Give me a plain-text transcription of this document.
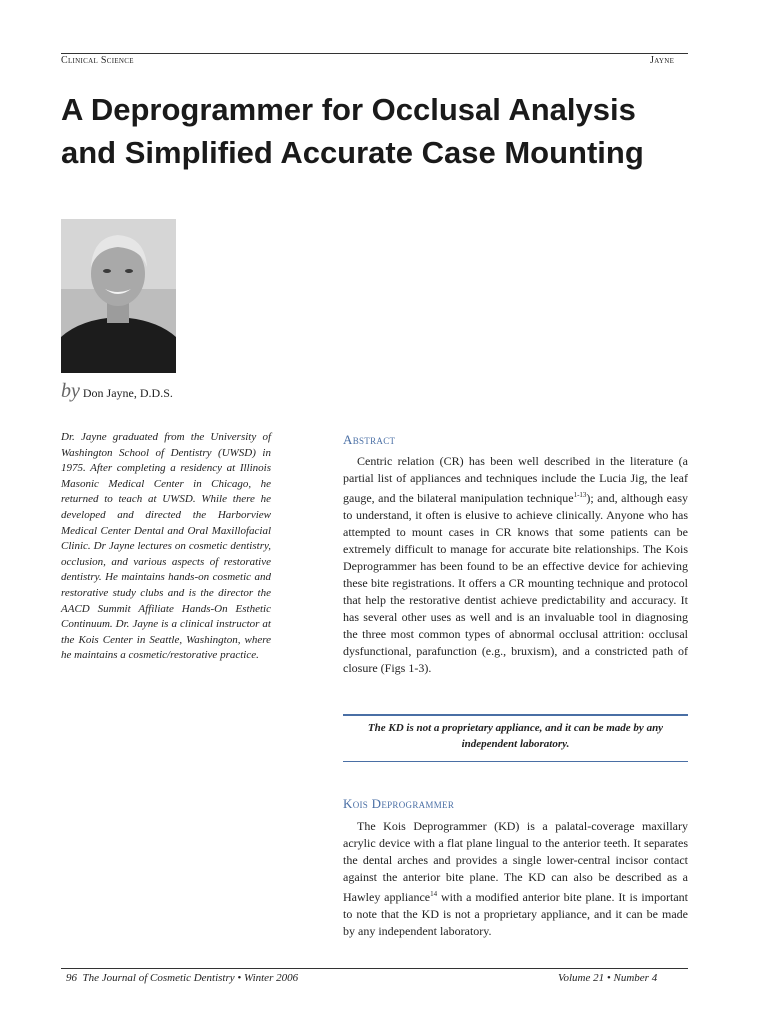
Clinical Science	Jayne
A Deprogrammer for Occlusal Analysis
and Simplified Accurate Case Mounting
by Don Jayne, D.D.S.
Dr. Jayne graduated from the University of Washington School of Dentistry (UWSD) in 1975. After completing a residency at Illinois Masonic Medical Center in Chicago, he returned to teach at UWSD. While there he developed and directed the Harborview Medical Center Dental and Oral Maxillofacial Clinic. Dr Jayne lectures on cosmetic dentistry, occlusion, and various aspects of restorative dentistry. He maintains hands-on cosmetic and restorative study clubs and is the director the AACD Summit Affiliate Hands-On Esthetic Continuum. Dr. Jayne is a clinical instructor at the Kois Center in Seattle, Washington, where he maintains a cosmetic/restorative practice.
Abstract

Centric relation (CR) has been well described in the literature (a partial list of appliances and techniques include the Lucia Jig, the leaf gauge, and the bilateral manipulation technique$^{1-13}$); and, although easy to understand, it often is elusive to achieve clinically. Anyone who has attempted to mount cases in CR knows that some patients can be extremely difficult to manage for accurate bite relationships. The Kois Deprogrammer has been found to be an effective device for achieving these bite registrations. It offers a CR mounting technique and protocol that help the restorative dentist achieve predictability and accuracy. It has several other uses as well and is an invaluable tool in diagnosing the three most common types of abnormal occlusal attrition: occlusal dysfunctional, parafunction (e.g., bruxism), and a constricted path of closure (Figs 1-3).

The KD is not a proprietary appliance, and it can be made by any independent laboratory.
Kois Deprogrammer

The Kois Deprogrammer (KD) is a palatal-coverage maxillary acrylic device with a flat plane lingual to the anterior teeth. It separates the dental arches and provides a single lower-central incisor contact against the anterior bite plane. The KD can also be described as a Hawley appliance$^{14}$ with a modified anterior bite plane. It is important to note that the KD is not a proprietary appliance, and it can be made by any independent laboratory.

96 The Journal of Cosmetic Dentistry • Winter 2006	Volume 21 • Number 4
